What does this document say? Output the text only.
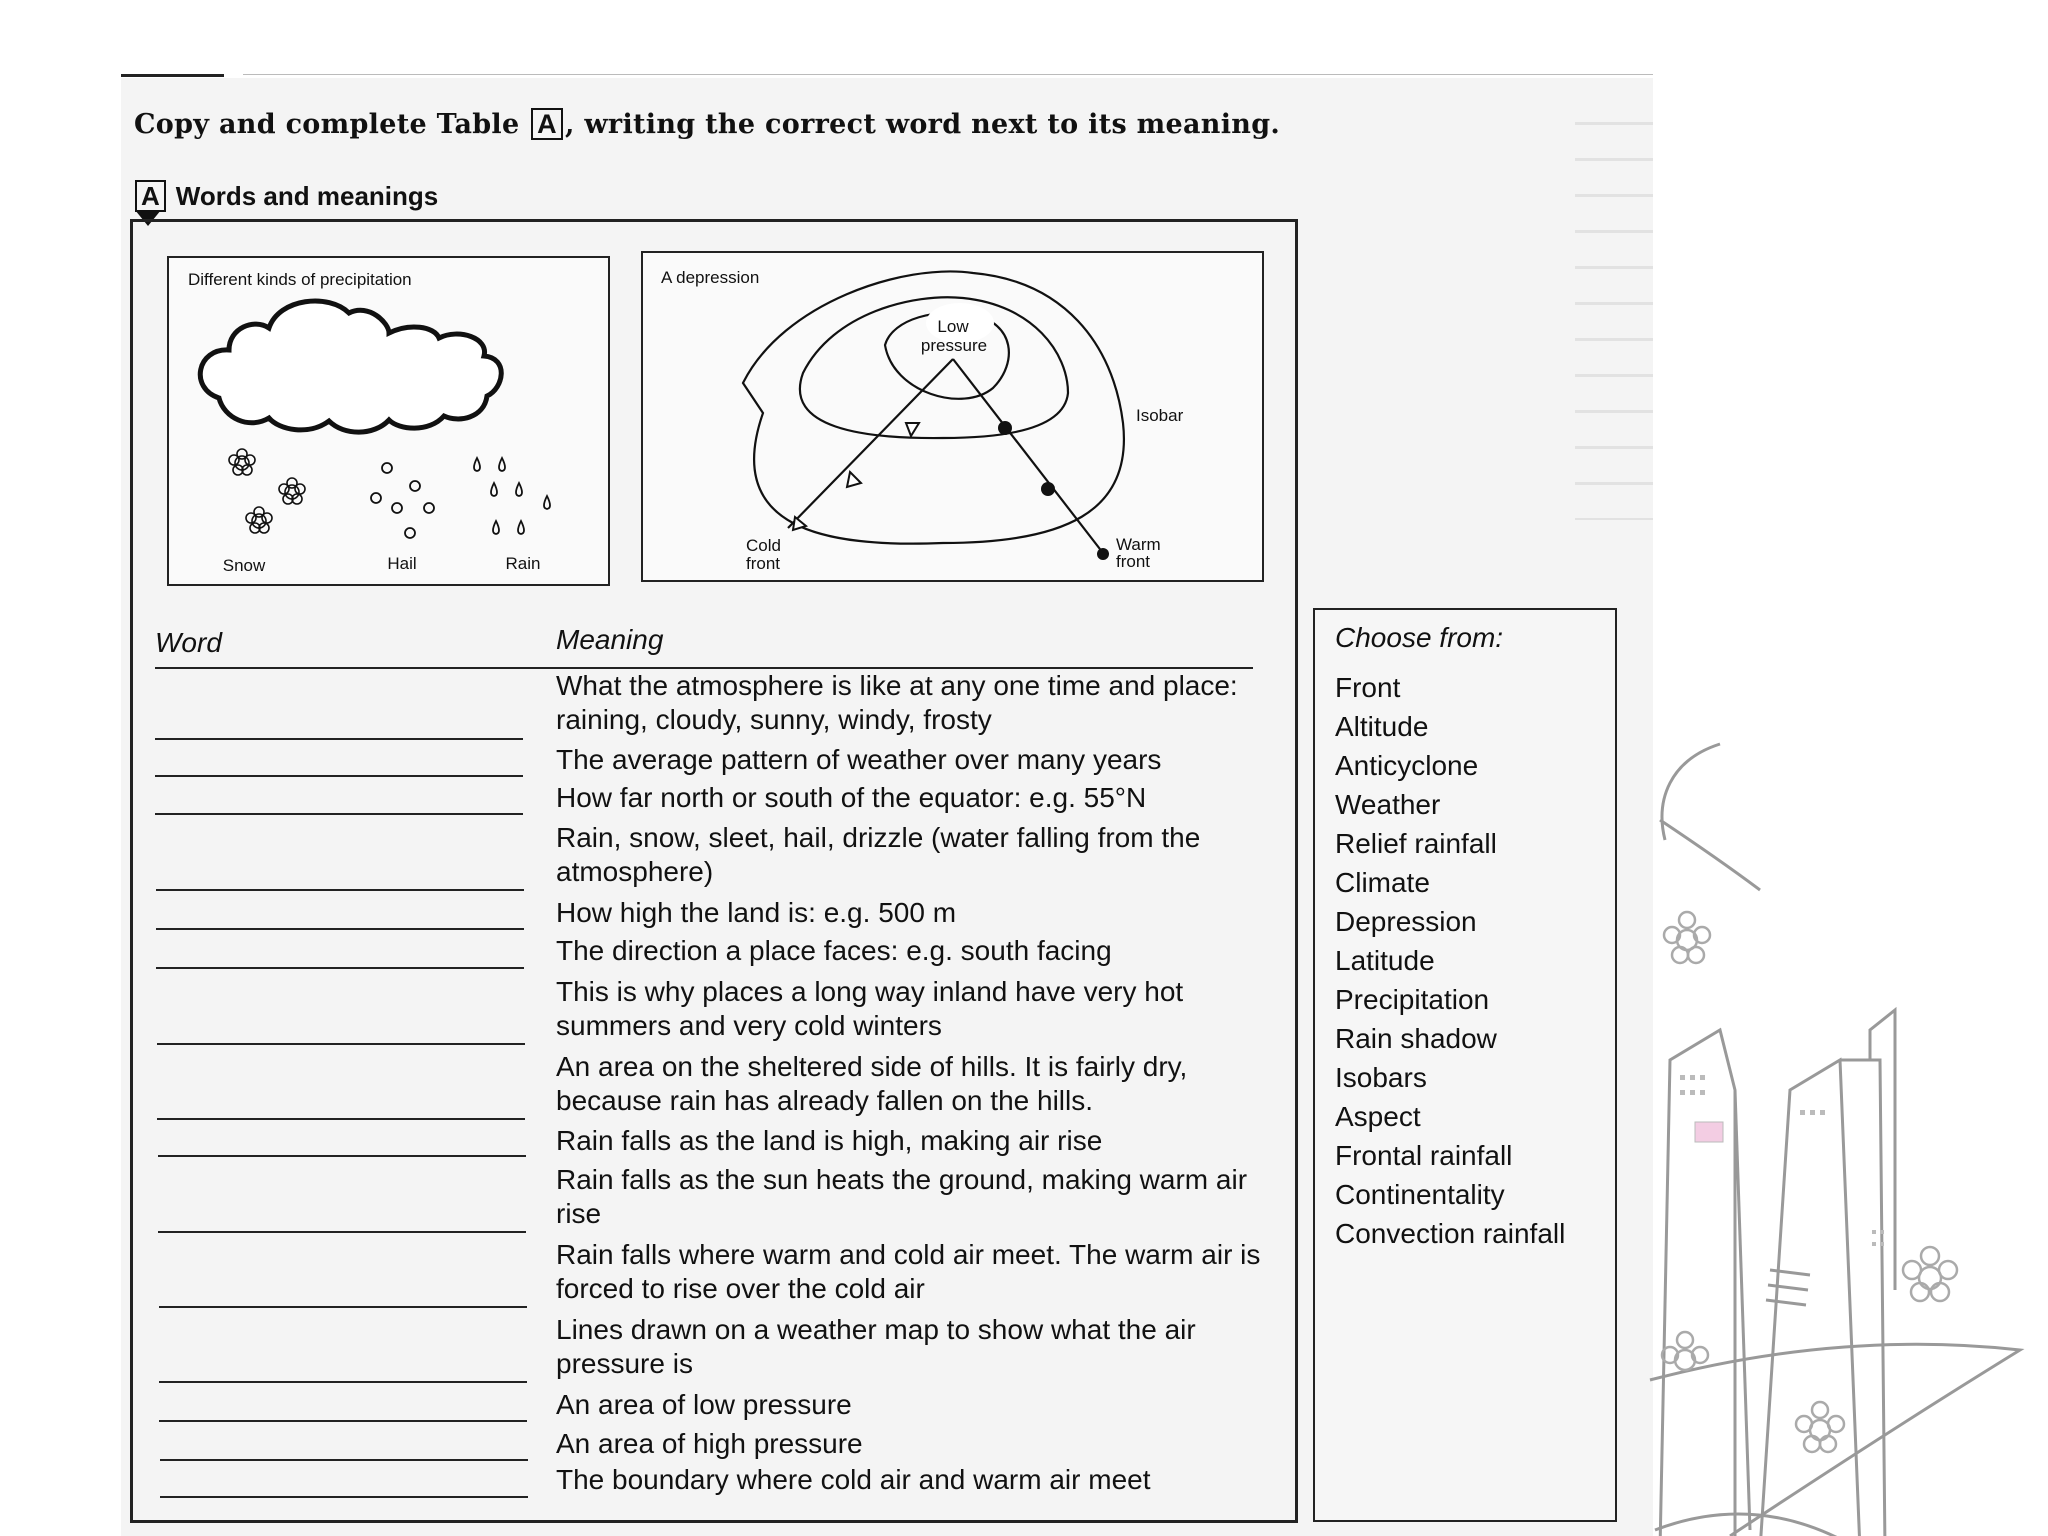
Copy and complete Table A , writing the correct word next to its meaning.
A Words and meanings
Different kinds of precipitation
Snow	Hail	Rain
A depression
Low
pressure
Isobar
Cold
front
Warm
front
Word	Meaning
What the atmosphere is like at any one time and place: raining, cloudy, sunny, windy, frosty
The average pattern of weather over many years
How far north or south of the equator: e.g. 55°N
Rain, snow, sleet, hail, drizzle (water falling from the atmosphere)
How high the land is: e.g. 500 m
The direction a place faces: e.g. south facing
This is why places a long way inland have very hot summers and very cold winters
An area on the sheltered side of hills. It is fairly dry, because rain has already fallen on the hills.
Rain falls as the land is high, making air rise
Rain falls as the sun heats the ground, making warm air rise
Rain falls where warm and cold air meet. The warm air is forced to rise over the cold air
Lines drawn on a weather map to show what the air pressure is
An area of low pressure
An area of high pressure
The boundary where cold air and warm air meet
Choose from:
Front
Altitude
Anticyclone
Weather
Relief rainfall
Climate
Depression
Latitude
Precipitation
Rain shadow
Isobars
Aspect
Frontal rainfall
Continentality
Convection rainfall
